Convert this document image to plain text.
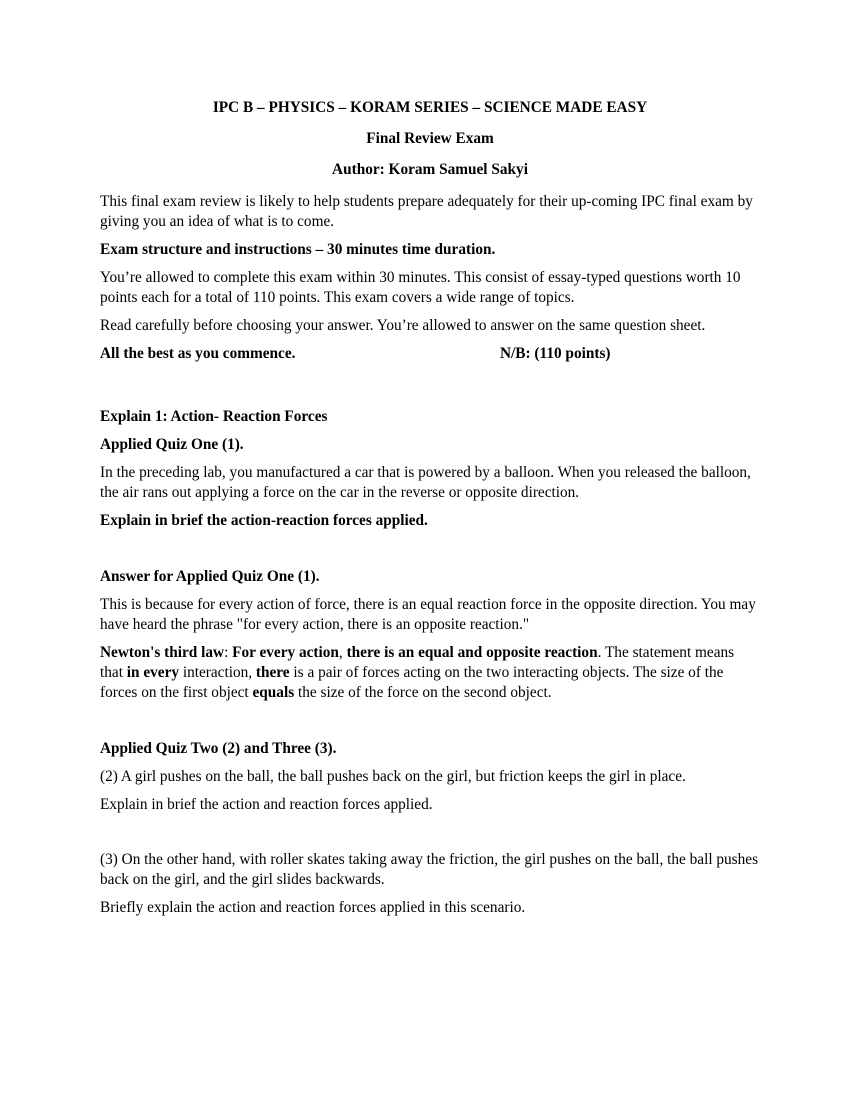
IPC B – PHYSICS – KORAM SERIES – SCIENCE MADE EASY

Final Review Exam

Author: Koram Samuel Sakyi

This final exam review is likely to help students prepare adequately for their up-coming IPC final exam by giving you an idea of what is to come.

Exam structure and instructions – 30 minutes time duration.

You’re allowed to complete this exam within 30 minutes. This consist of essay-typed questions worth 10 points each for a total of 110 points. This exam covers a wide range of topics.

Read carefully before choosing your answer. You’re allowed to answer on the same question sheet.

All the best as you commence.	N/B: (110 points)

Explain 1: Action- Reaction Forces

Applied Quiz One (1).

In the preceding lab, you manufactured a car that is powered by a balloon. When you released the balloon, the air rans out applying a force on the car in the reverse or opposite direction.

Explain in brief the action-reaction forces applied.

Answer for Applied Quiz One (1).

This is because for every action of force, there is an equal reaction force in the opposite direction. You may have heard the phrase "for every action, there is an opposite reaction."

Newton's third law: For every action, there is an equal and opposite reaction. The statement means that in every interaction, there is a pair of forces acting on the two interacting objects. The size of the forces on the first object equals the size of the force on the second object.

Applied Quiz Two (2) and Three (3).

(2) A girl pushes on the ball, the ball pushes back on the girl, but friction keeps the girl in place.

Explain in brief the action and reaction forces applied.

(3) On the other hand, with roller skates taking away the friction, the girl pushes on the ball, the ball pushes back on the girl, and the girl slides backwards.

Briefly explain the action and reaction forces applied in this scenario.
